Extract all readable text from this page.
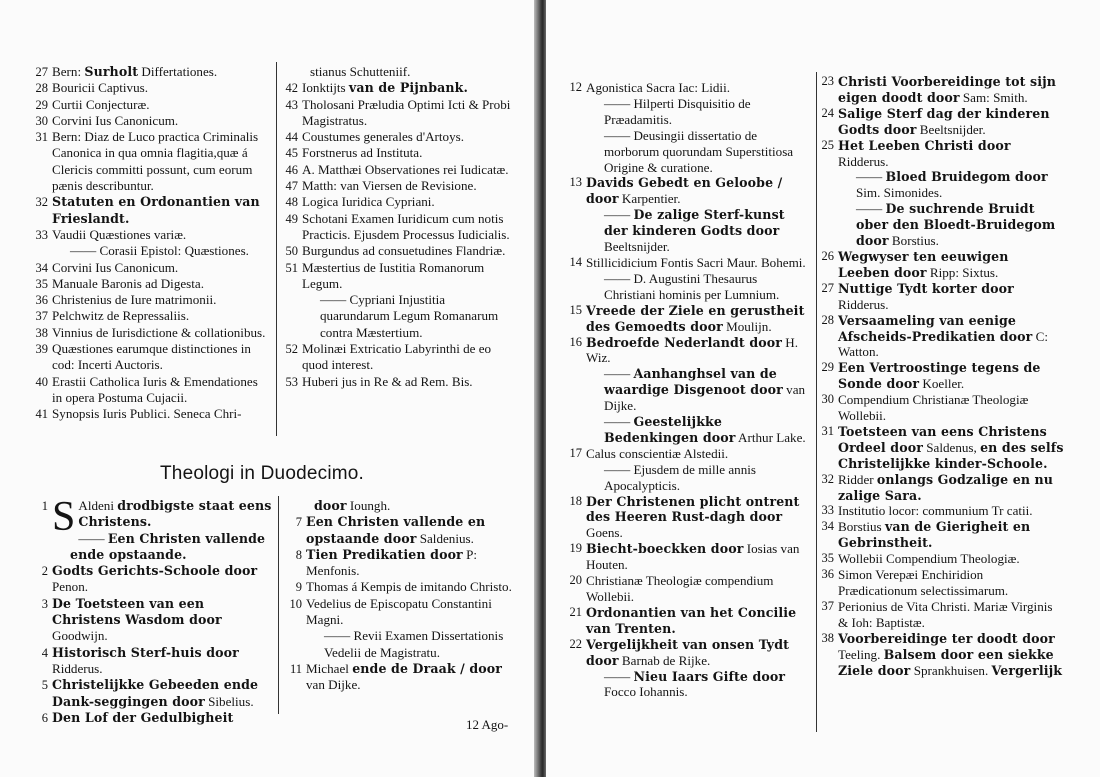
27 Bern: Surholt Differtationes.
28 Bouricii Captivus.
29 Curtii Conjecturæ.
30 Corvini Ius Canonicum.
31 Bern: Diaz de Luco practica Criminalis Canonica in qua omnia flagitia,quæ á Clericis committi possunt, cum eorum pænis describuntur.
32 Statuten en Ordonantien van Frieslandt.
33 Vaudii Quæstiones variæ.
—— Corasii Epistol: Quæstiones.
34 Corvini Ius Canonicum.
35 Manuale Baronis ad Digesta.
36 Christenius de Iure matrimonii.
37 Pelchwitz de Repressaliis.
38 Vinnius de Iurisdictione & collationibus.
39 Quæstiones earumque distinctiones in cod: Incerti Auctoris.
40 Erastii Catholica Iuris & Emendationes in opera Postuma Cujacii.
41 Synopsis Iuris Publici. Seneca Chri-
stianus Schutteniif.
42 Ionktijts van de Pijnbank.
43 Tholosani Præludia Optimi Icti & Probi Magistratus.
44 Coustumes generales d'Artoys.
45 Forstnerus ad Instituta.
46 A. Matthæi Observationes rei Iudicatæ.
47 Matth: van Viersen de Revisione.
48 Logica Iuridica Cypriani.
49 Schotani Examen Iuridicum cum notis Practicis. Ejusdem Processus Iudicialis.
50 Burgundus ad consuetudines Flandriæ.
51 Mæstertius de Iustitia Romanorum Legum.
—— Cypriani Injustitia quarundarum Legum Romanarum contra Mæstertium.
52 Molinæi Extricatio Labyrinthi de eo quod interest.
53 Huberi jus in Re & ad Rem. Bis.
Theologi in Duodecimo.
1 S Aldeni drodbigste staat eens Christens.
—— Een Christen vallende ende opstaande.
2 Godts Gerichts-Schoole door Penon.
3 De Toetsteen van een Christens Wasdom door Goodwijn.
4 Historisch Sterf-huis door Ridderus.
5 Christelijkke Gebeeden ende Dank-seggingen door Sibelius.
6 Den Lof der Gedulbigheit
door Ioungh.
7 Een Christen vallende en opstaande door Saldenius.
8 Tien Predikatien door P: Menfonis.
9 Thomas á Kempis de imitando Christo.
10 Vedelius de Episcopatu Constantini Magni.
—— Revii Examen Dissertationis Vedelii de Magistratu.
11 Michael ende de Draak / door van Dijke.
12 Ago-
12 Agonistica Sacra Iac: Lidii.
—— Hilperti Disquisitio de Præadamitis.
—— Deusingii dissertatio de morborum quorundam Superstitiosa Origine & curatione.
13 Davids Gebedt en Geloobe / door Karpentier.
—— De zalige Sterf-kunst der kinderen Godts door Beeltsnijder.
14 Stillicidicium Fontis Sacri Maur. Bohemi.
—— D. Augustini Thesaurus Christiani hominis per Lumnium.
15 Vreede der Ziele en gerustheit des Gemoedts door Moulijn.
16 Bedroefde Nederlandt door H. Wiz.
—— Aanhanghsel van de waardige Disgenoot door van Dijke.
—— Geestelijkke Bedenkingen door Arthur Lake.
17 Calus conscientiæ Alstedii.
—— Ejusdem de mille annis Apocalypticis.
18 Der Christenen plicht ontrent des Heeren Rust-dagh door Goens.
19 Biecht-boeckken door Iosias van Houten.
20 Christianæ Theologiæ compendium Wollebii.
21 Ordonantien van het Concilie van Trenten.
22 Vergelijkheit van onsen Tydt door Barnab de Rijke.
—— Nieu Iaars Gifte door Focco Iohannis.
23 Christi Voorbereidinge tot sijn eigen doodt door Sam: Smith.
24 Salige Sterf dag der kinderen Godts door Beeltsnijder.
25 Het Leeben Christi door Ridderus.
—— Bloed Bruidegom door Sim. Simonides.
—— De suchrende Bruidt ober den Bloedt-Bruidegom door Borstius.
26 Wegwyser ten eeuwigen Leeben door Ripp: Sixtus.
27 Nuttige Tydt korter door Ridderus.
28 Versaameling van eenige Afscheids-Predikatien door C: Watton.
29 Een Vertroostinge tegens de Sonde door Koeller.
30 Compendium Christianæ Theologiæ Wollebii.
31 Toetsteen van eens Christens Ordeel door Saldenus, en des selfs Christelijkke kinder-Schoole.
32 Ridder onlangs Godzalige en nu zalige Sara.
33 Institutio locor: communium Tr catii.
34 Borstius van de Gierigheit en Gebrinstheit.
35 Wollebii Compendium Theologiæ.
36 Simon Verepæi Enchiridion Prædicationum selectissimarum.
37 Perionius de Vita Christi. Mariæ Virginis & Ioh: Baptistæ.
38 Voorbereidinge ter doodt door Teeling. Balsem door een siekke Ziele door Sprankhuisen. Vergerlijk
